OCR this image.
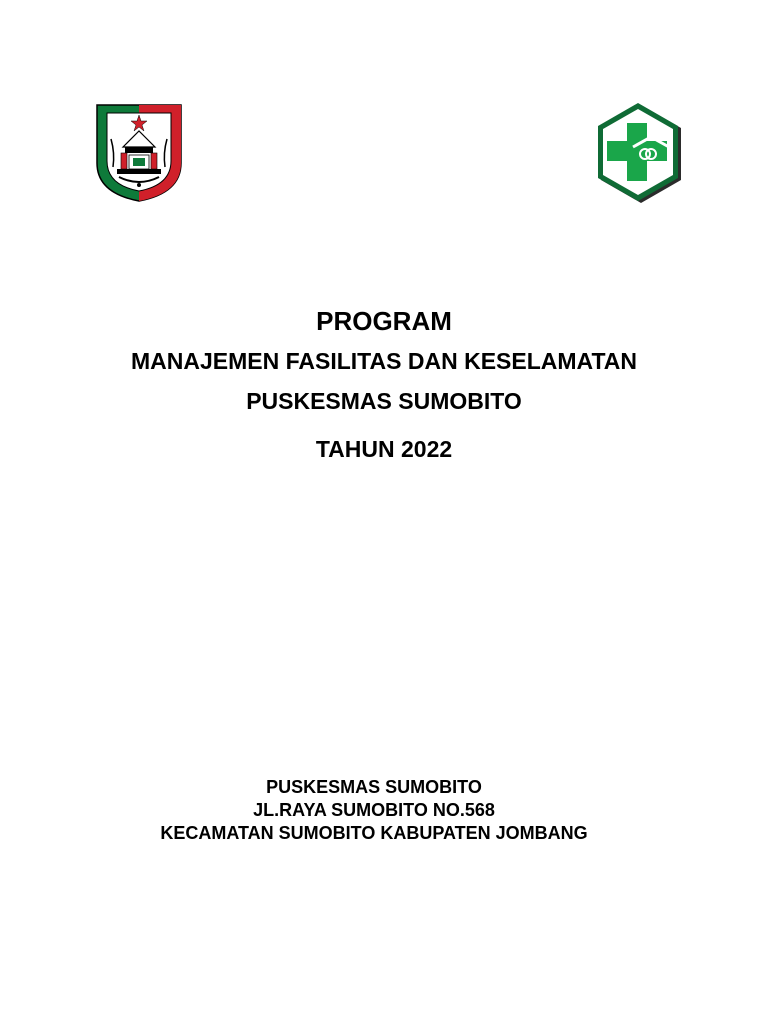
PROGRAM
MANAJEMEN FASILITAS DAN KESELAMATAN
PUSKESMAS SUMOBITO
TAHUN 2022
PUSKESMAS SUMOBITO
JL.RAYA SUMOBITO NO.568
KECAMATAN SUMOBITO KABUPATEN JOMBANG
